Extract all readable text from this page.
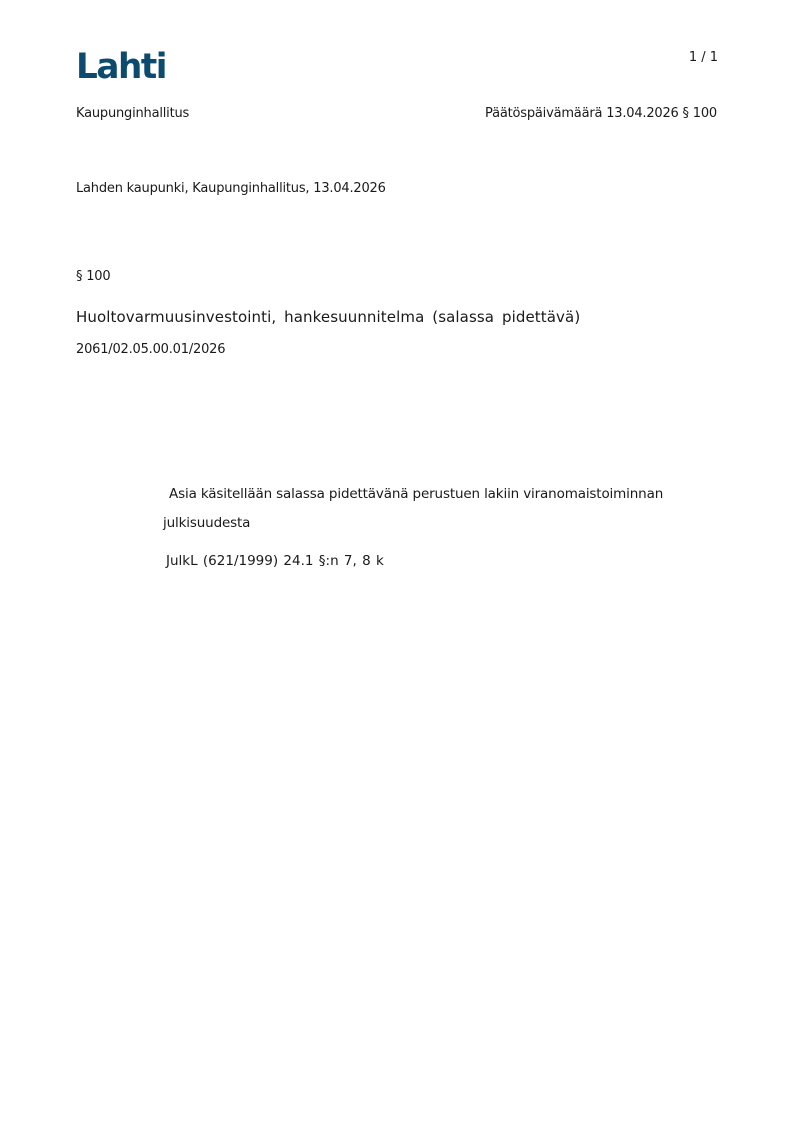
Lahti	1 / 1
Kaupunginhallitus	Päätöspäivämäärä 13.04.2026 § 100
Lahden kaupunki, Kaupunginhallitus, 13.04.2026
§ 100
Huoltovarmuusinvestointi, hankesuunnitelma (salassa pidettävä)
2061/02.05.00.01/2026
Asia käsitellään salassa pidettävänä perustuen lakiin viranomaistoiminnan julkisuudesta
JulkL (621/1999) 24.1 §:n 7, 8 k
